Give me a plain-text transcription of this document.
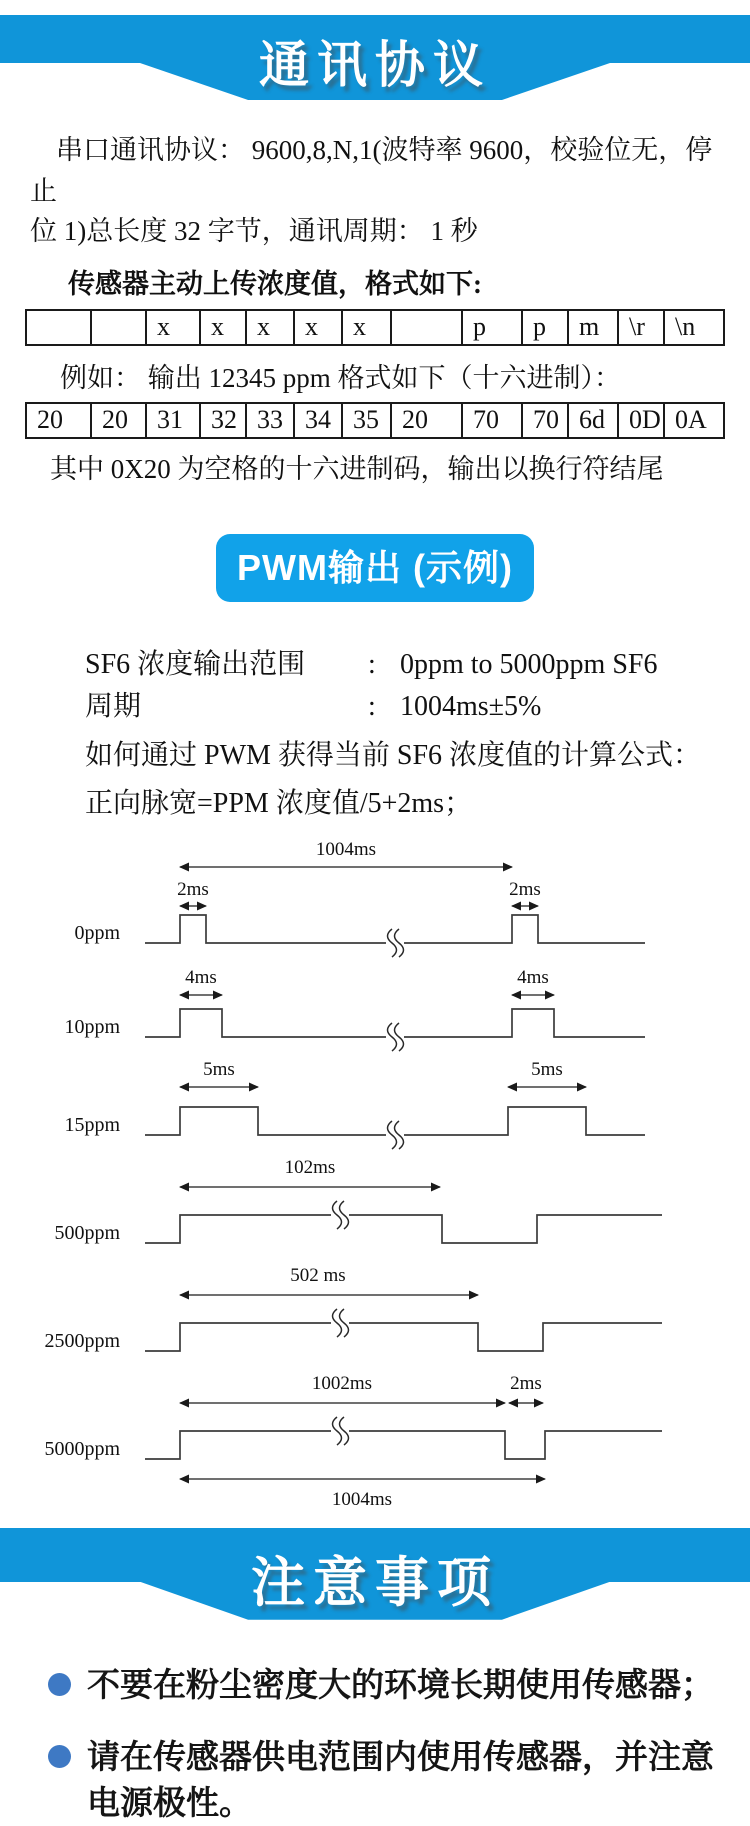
通讯协议
串口通讯协议： 9600,8,N,1(波特率 9600，校验位无，停止
位 1)总长度 32 字节，通讯周期： 1 秒
传感器主动上传浓度值，格式如下:
		x	x	x	x	x		p	p	m	\r	\n
例如： 输出 12345 ppm 格式如下（十六进制）：
20	20	31	32	33	34	35	20	70	70	6d	0D	0A
其中 0X20 为空格的十六进制码，输出以换行符结尾
PWM输出 (示例)
SF6 浓度输出范围	: 0ppm to 5000ppm SF6
周期	: 1004ms±5%
如何通过 PWM 获得当前 SF6 浓度值的计算公式：
正向脉宽=PPM 浓度值/5+2ms；
1004ms
2ms	2ms
0ppm
4ms	4ms
10ppm
5ms	5ms
15ppm
102ms
500ppm
502 ms
2500ppm
1002ms	2ms
1004ms
5000ppm
注意事项
不要在粉尘密度大的环境长期使用传感器；
请在传感器供电范围内使用传感器，并注意电源极性。
